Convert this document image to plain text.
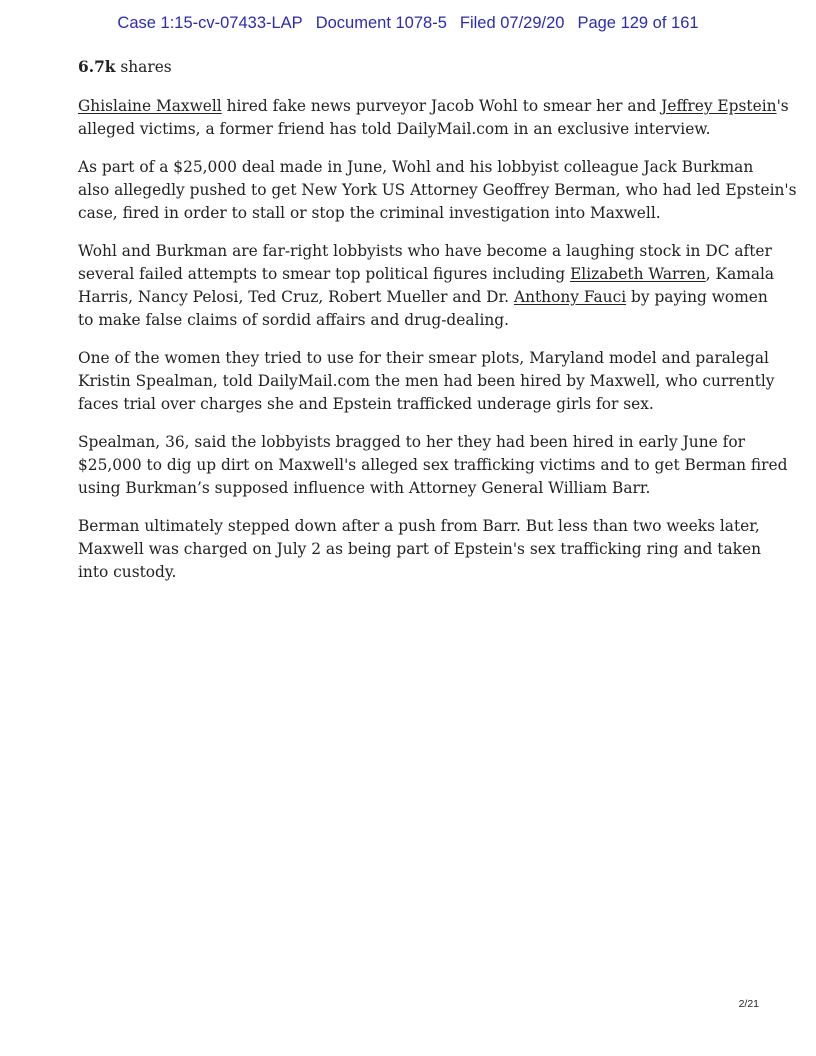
Case 1:15-cv-07433-LAP Document 1078-5 Filed 07/29/20 Page 129 of 161
6.7k shares

Ghislaine Maxwell hired fake news purveyor Jacob Wohl to smear her and Jeffrey Epstein's
alleged victims, a former friend has told DailyMail.com in an exclusive interview.

As part of a $25,000 deal made in June, Wohl and his lobbyist colleague Jack Burkman
also allegedly pushed to get New York US Attorney Geoffrey Berman, who had led Epstein's
case, fired in order to stall or stop the criminal investigation into Maxwell.

Wohl and Burkman are far-right lobbyists who have become a laughing stock in DC after
several failed attempts to smear top political figures including Elizabeth Warren, Kamala
Harris, Nancy Pelosi, Ted Cruz, Robert Mueller and Dr. Anthony Fauci by paying women
to make false claims of sordid affairs and drug-dealing.

One of the women they tried to use for their smear plots, Maryland model and paralegal
Kristin Spealman, told DailyMail.com the men had been hired by Maxwell, who currently
faces trial over charges she and Epstein trafficked underage girls for sex.

Spealman, 36, said the lobbyists bragged to her they had been hired in early June for
$25,000 to dig up dirt on Maxwell's alleged sex trafficking victims and to get Berman fired
using Burkman’s supposed influence with Attorney General William Barr.

Berman ultimately stepped down after a push from Barr. But less than two weeks later,
Maxwell was charged on July 2 as being part of Epstein's sex trafficking ring and taken
into custody.

2/21
